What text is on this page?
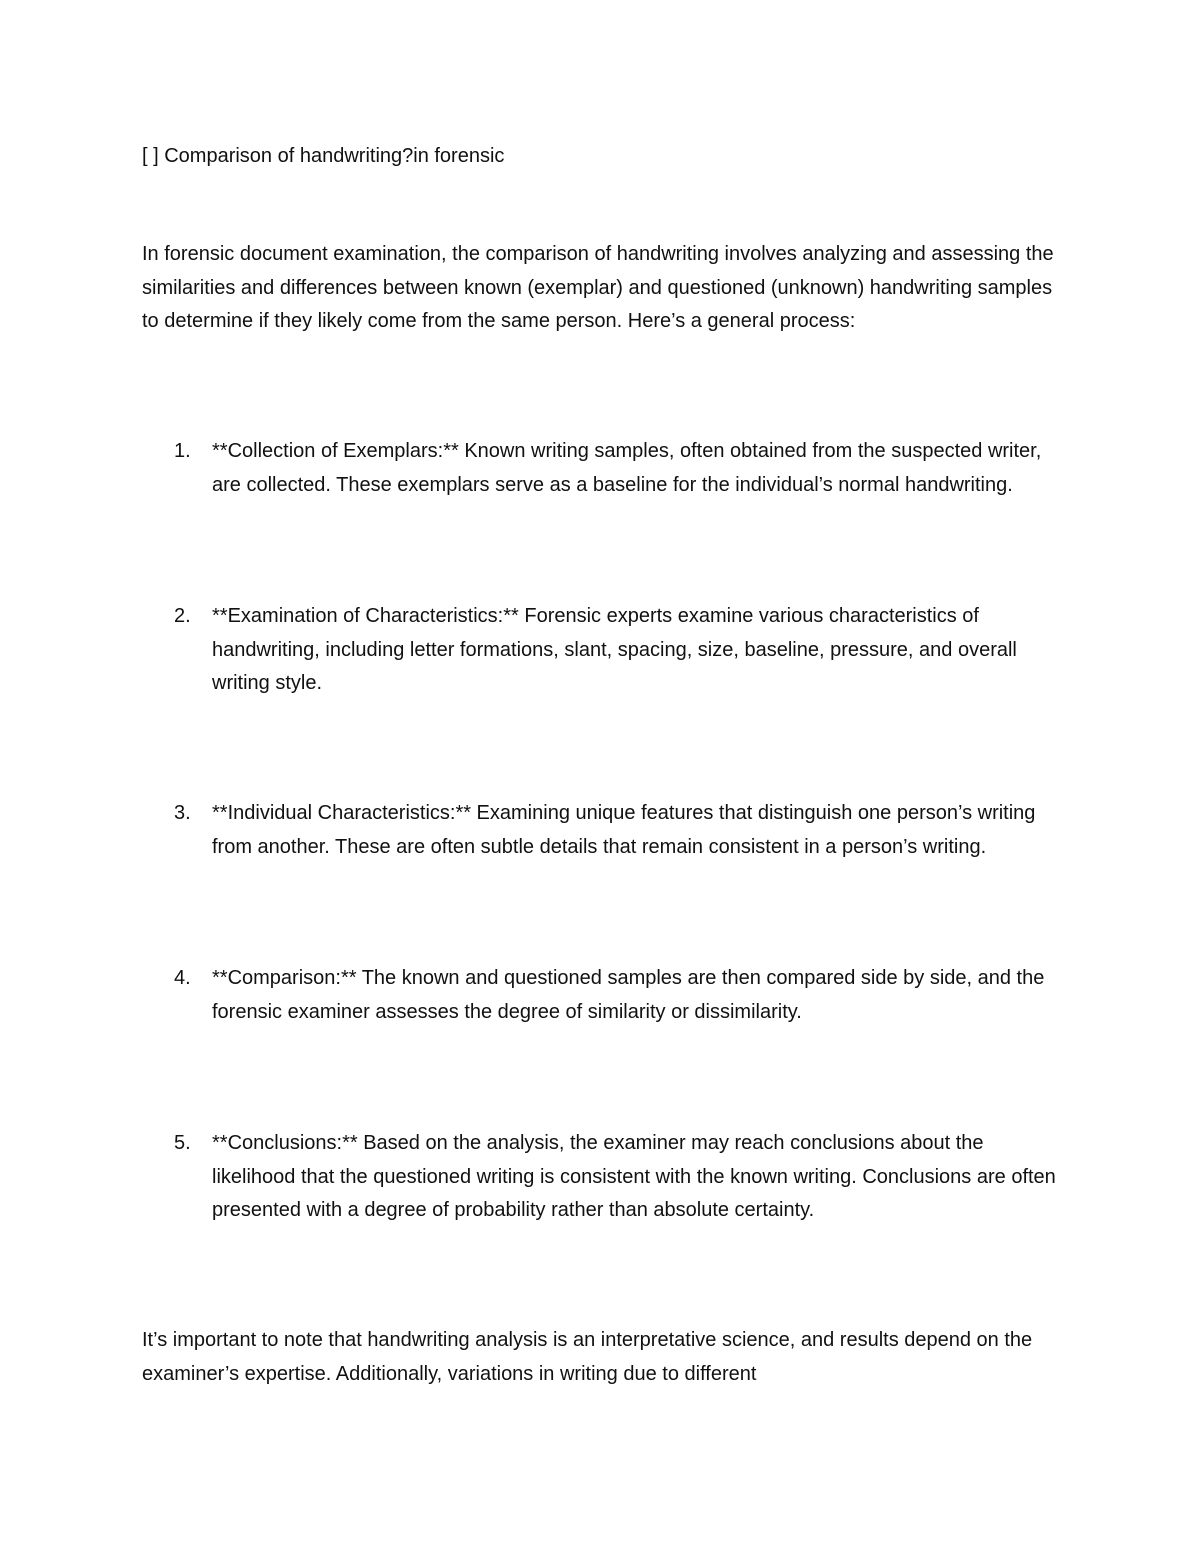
[ ] Comparison of handwriting?in forensic

In forensic document examination, the comparison of handwriting involves analyzing and assessing the similarities and differences between known (exemplar) and questioned (unknown) handwriting samples to determine if they likely come from the same person. Here’s a general process:

1.	**Collection of Exemplars:** Known writing samples, often obtained from the suspected writer, are collected. These exemplars serve as a baseline for the individual’s normal handwriting.

2.	**Examination of Characteristics:** Forensic experts examine various characteristics of handwriting, including letter formations, slant, spacing, size, baseline, pressure, and overall writing style.

3.	**Individual Characteristics:** Examining unique features that distinguish one person’s writing from another. These are often subtle details that remain consistent in a person’s writing.

4.	**Comparison:** The known and questioned samples are then compared side by side, and the forensic examiner assesses the degree of similarity or dissimilarity.

5.	**Conclusions:** Based on the analysis, the examiner may reach conclusions about the likelihood that the questioned writing is consistent with the known writing. Conclusions are often presented with a degree of probability rather than absolute certainty.

It’s important to note that handwriting analysis is an interpretative science, and results depend on the examiner’s expertise. Additionally, variations in writing due to different
